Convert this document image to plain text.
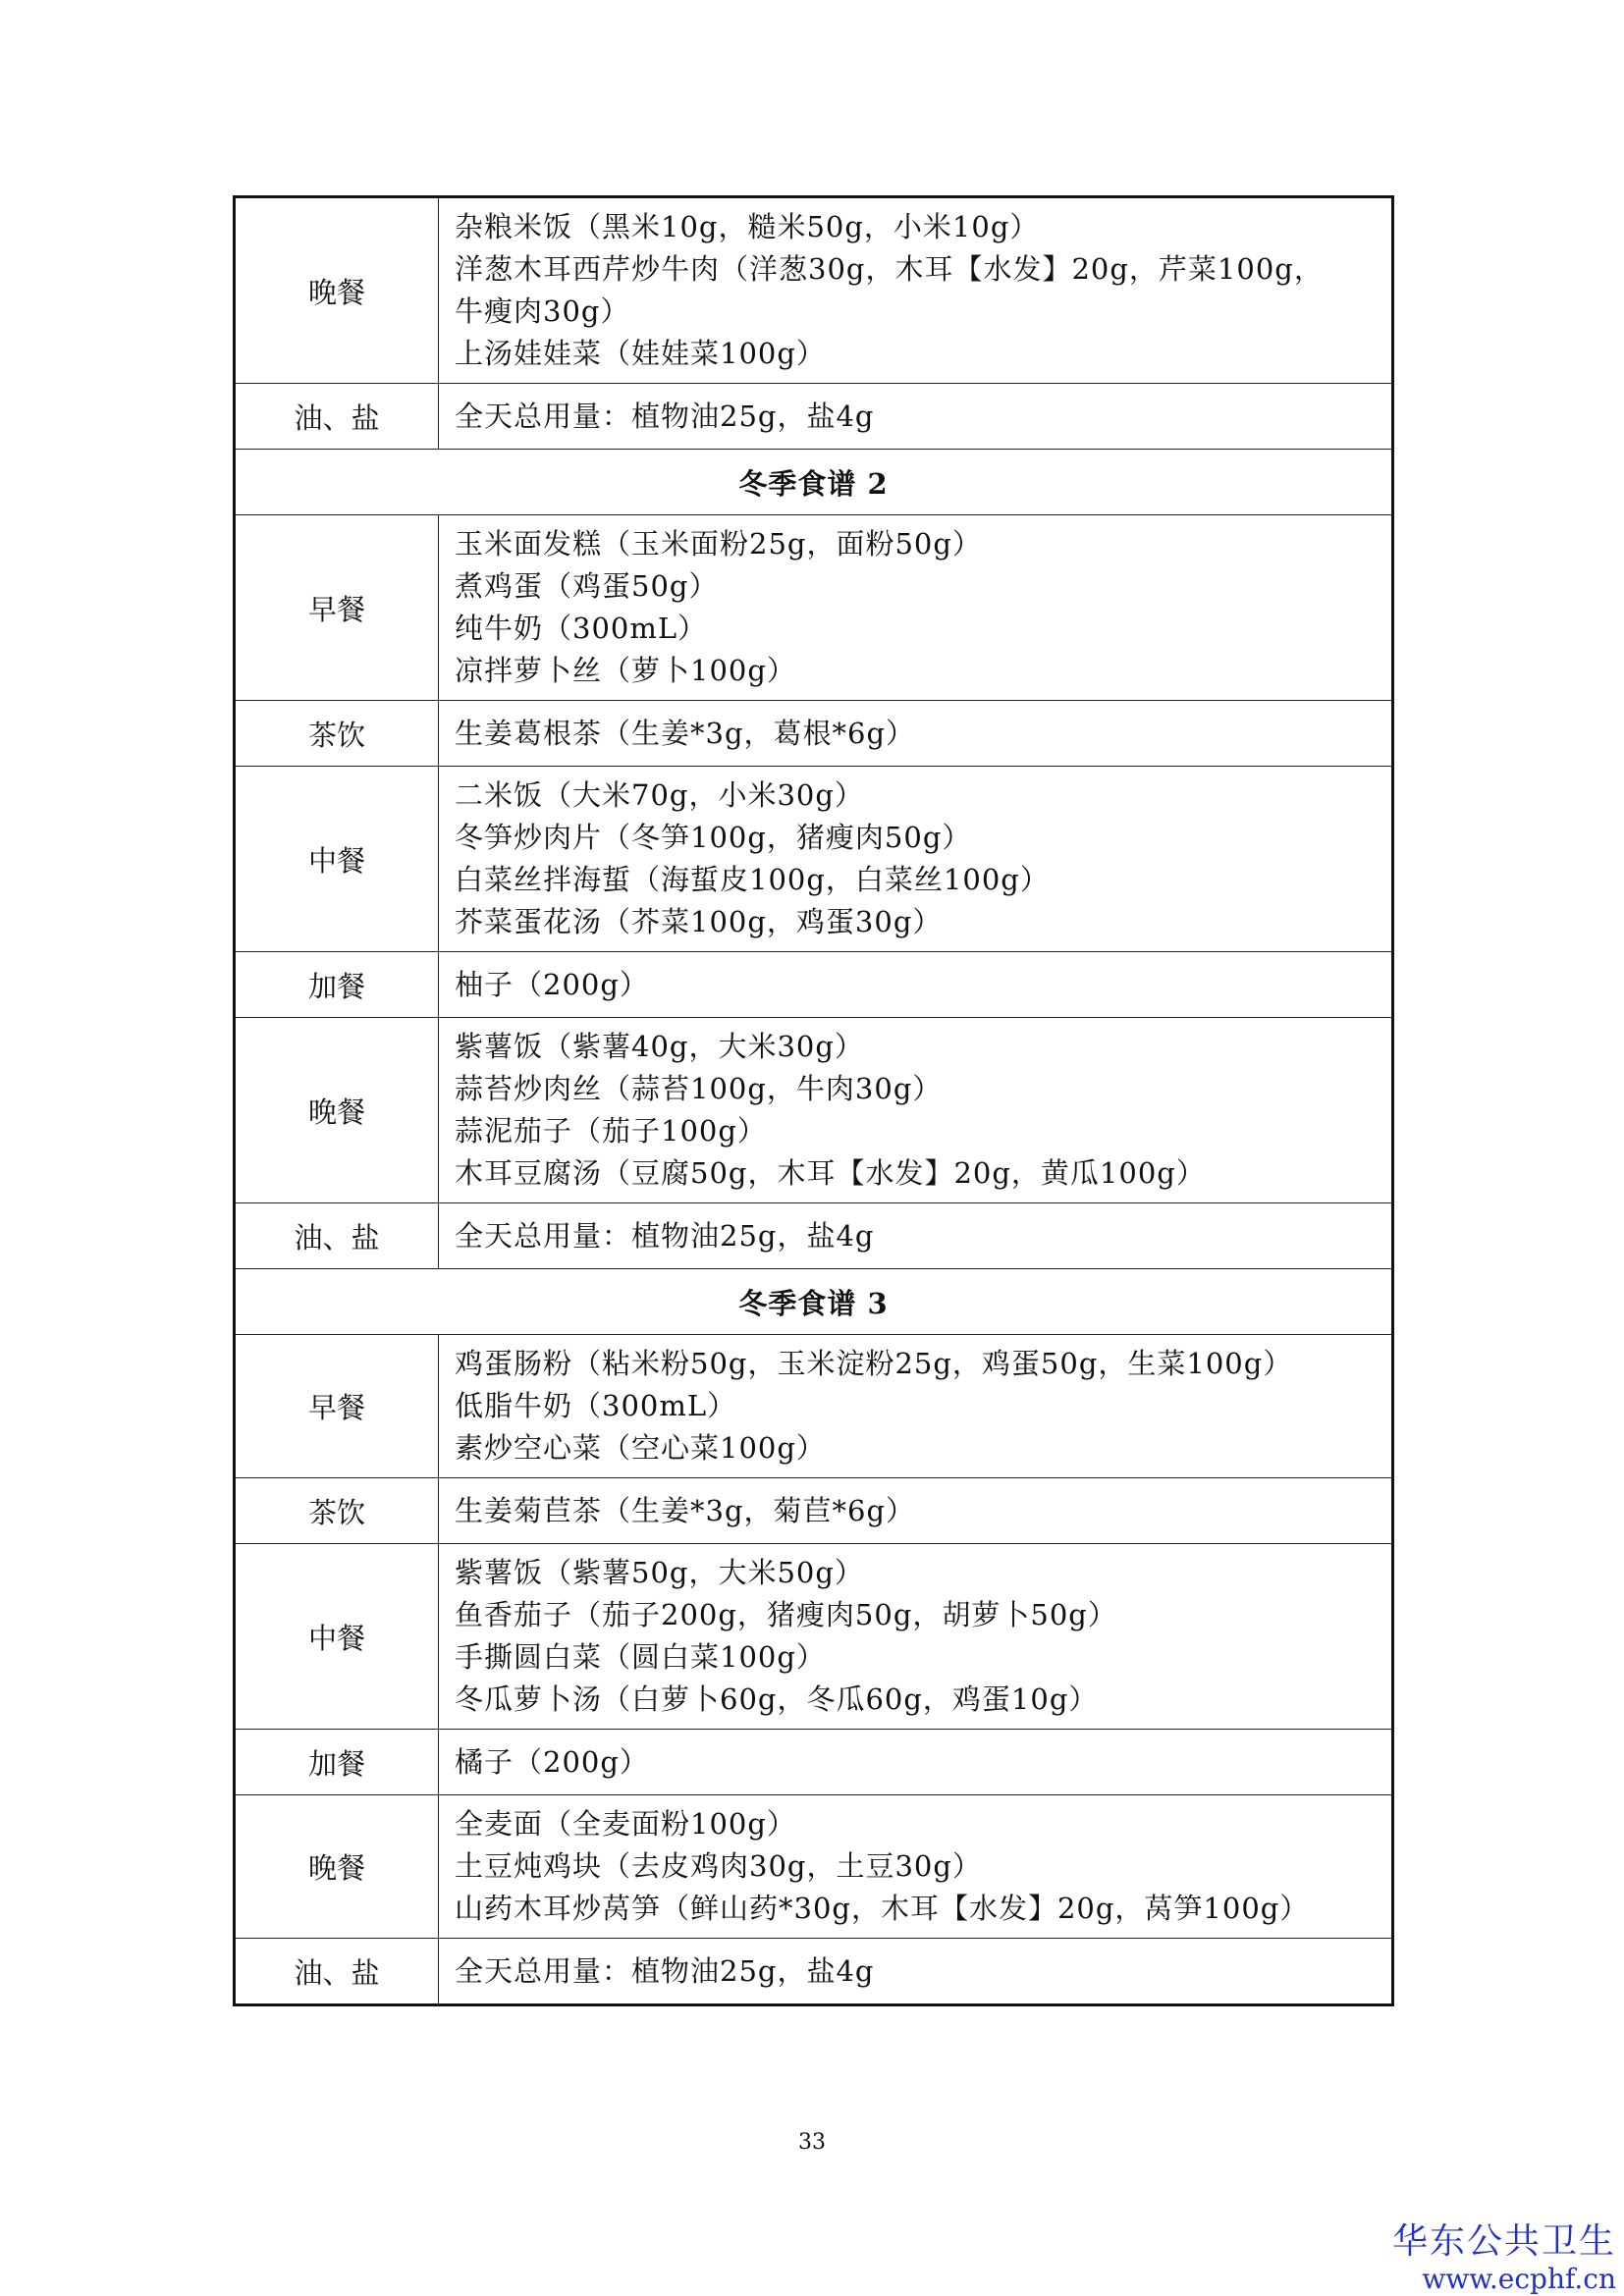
晚餐	杂粮米饭（黑米10g，糙米50g，小米10g）
洋葱木耳西芹炒牛肉（洋葱30g，木耳【水发】20g，芹菜100g，
牛瘦肉30g）
上汤娃娃菜（娃娃菜100g）

油、盐	全天总用量：植物油25g，盐4g

冬季食谱 2	
早餐	玉米面发糕（玉米面粉25g，面粉50g）
煮鸡蛋（鸡蛋50g）
纯牛奶（300mL）
凉拌萝卜丝（萝卜100g）

茶饮	生姜葛根茶（生姜*3g，葛根*6g）

中餐	二米饭（大米70g，小米30g）
冬笋炒肉片（冬笋100g，猪瘦肉50g）
白菜丝拌海蜇（海蜇皮100g，白菜丝100g）
芥菜蛋花汤（芥菜100g，鸡蛋30g）

加餐	柚子（200g）

晚餐	紫薯饭（紫薯40g，大米30g）
蒜苔炒肉丝（蒜苔100g，牛肉30g）
蒜泥茄子（茄子100g）
木耳豆腐汤（豆腐50g，木耳【水发】20g，黄瓜100g）

油、盐	全天总用量：植物油25g，盐4g

冬季食谱 3	
早餐	鸡蛋肠粉（粘米粉50g，玉米淀粉25g，鸡蛋50g，生菜100g）
低脂牛奶（300mL）
素炒空心菜（空心菜100g）

茶饮	生姜菊苣茶（生姜*3g，菊苣*6g）

中餐	紫薯饭（紫薯50g，大米50g）
鱼香茄子（茄子200g，猪瘦肉50g，胡萝卜50g）
手撕圆白菜（圆白菜100g）
冬瓜萝卜汤（白萝卜60g，冬瓜60g，鸡蛋10g）

加餐	橘子（200g）

晚餐	全麦面（全麦面粉100g）
土豆炖鸡块（去皮鸡肉30g，土豆30g）
山药木耳炒莴笋（鲜山药*30g，木耳【水发】20g，莴笋100g）

油、盐	全天总用量：植物油25g，盐4g
33
华东公共卫生
www.ecphf.cn
